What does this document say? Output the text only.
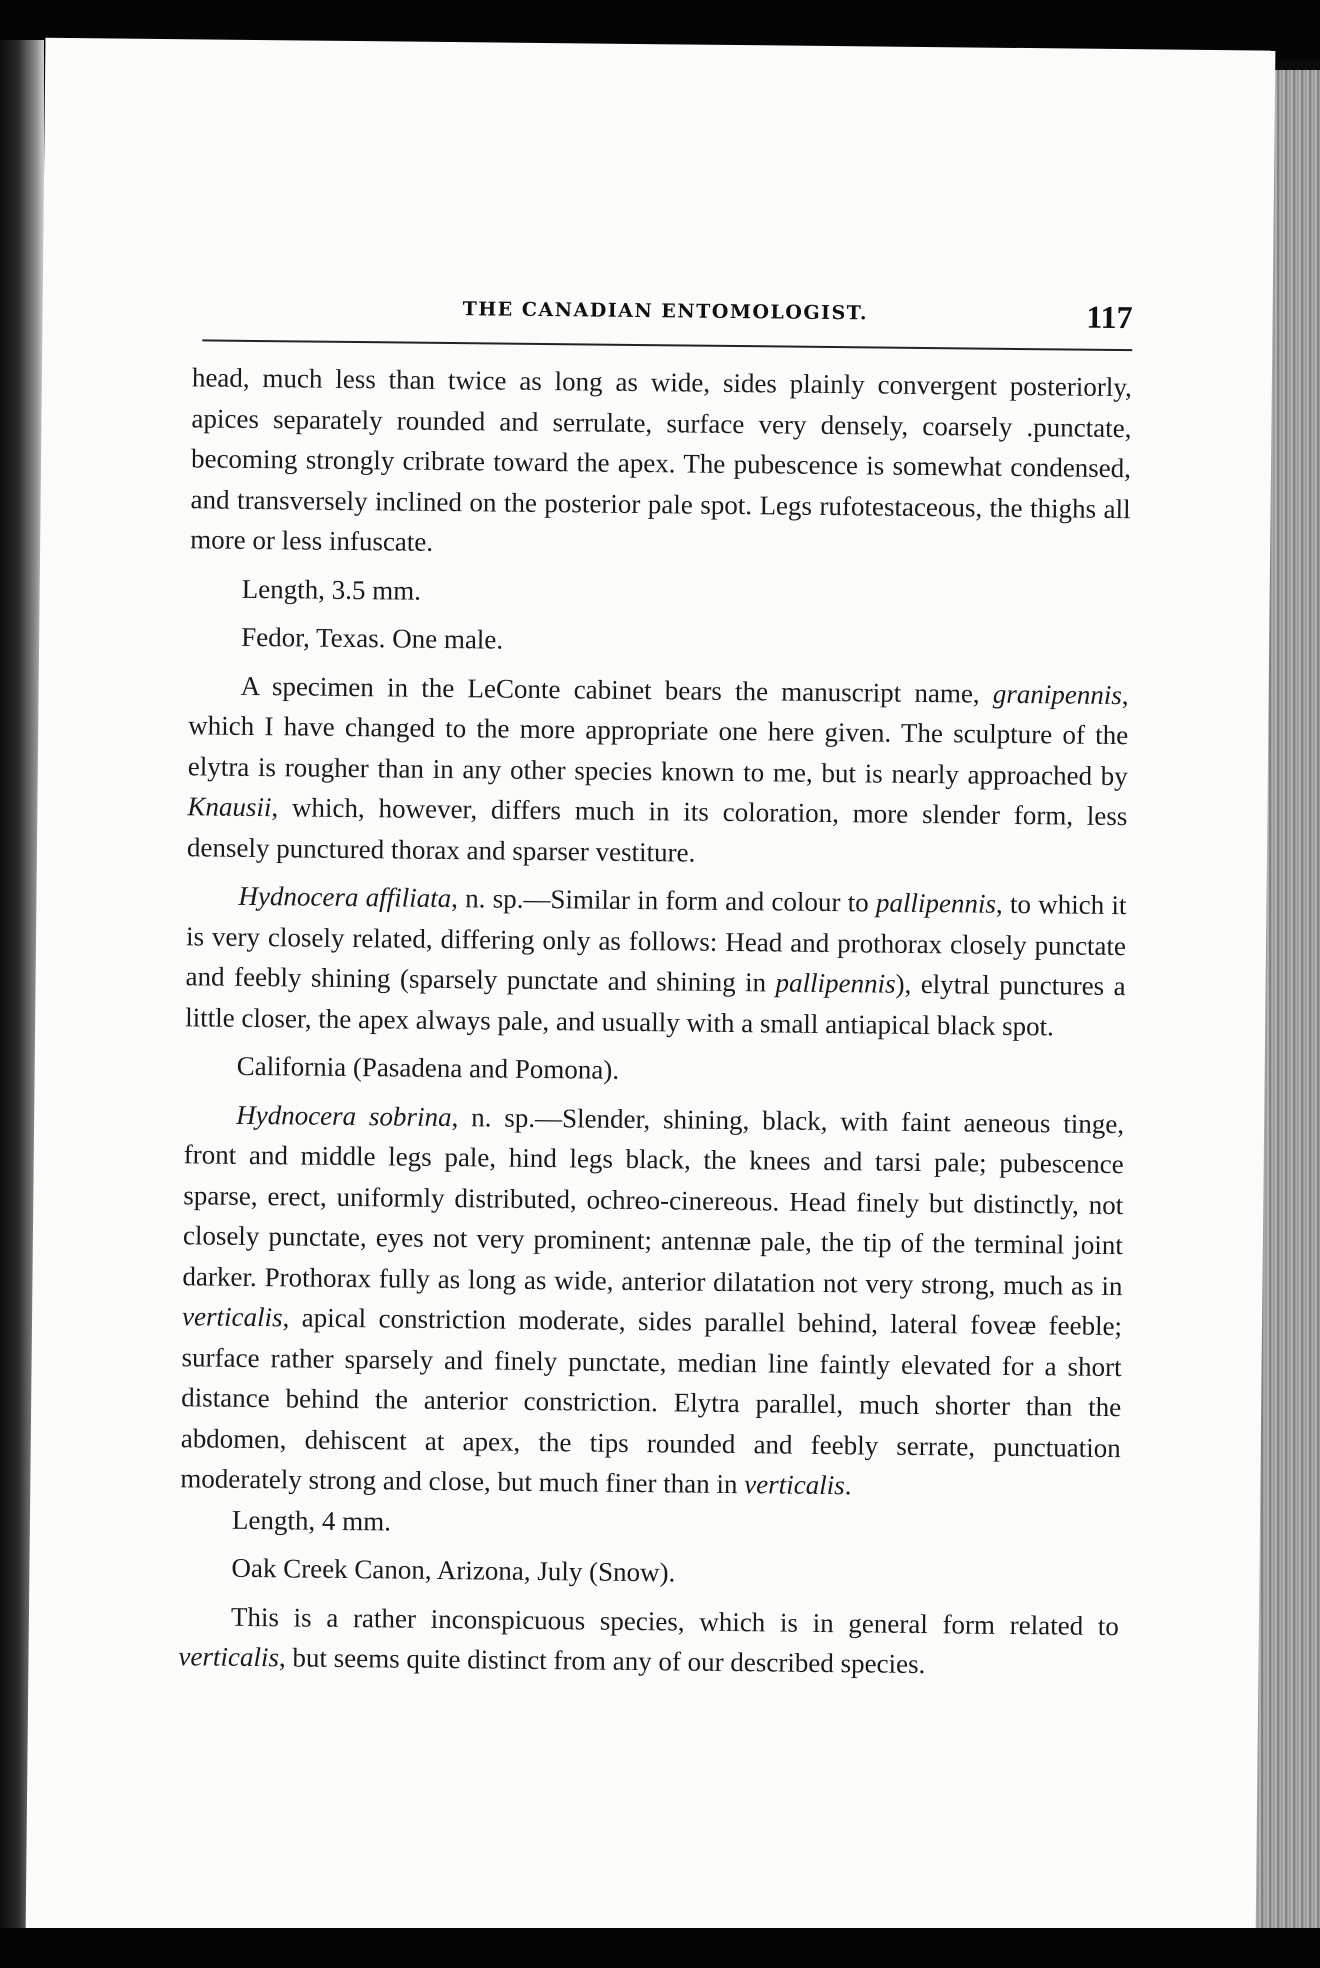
THE CANADIAN ENTOMOLOGIST.	117

head, much less than twice as long as wide, sides plainly convergent posteriorly, apices separately rounded and serrulate, surface very densely, coarsely .punctate, becoming strongly cribrate toward the apex. The pubescence is somewhat condensed, and transversely inclined on the posterior pale spot. Legs rufotestaceous, the thighs all more or less infuscate.

Length, 3.5 mm.

Fedor, Texas. One male.

A specimen in the LeConte cabinet bears the manuscript name, granipennis, which I have changed to the more appropriate one here given. The sculpture of the elytra is rougher than in any other species known to me, but is nearly approached by Knausii, which, however, differs much in its coloration, more slender form, less densely punctured thorax and sparser vestiture.

Hydnocera affiliata, n. sp.—Similar in form and colour to pallipennis, to which it is very closely related, differing only as follows: Head and prothorax closely punctate and feebly shining (sparsely punctate and shining in pallipennis), elytral punctures a little closer, the apex always pale, and usually with a small antiapical black spot.

California (Pasadena and Pomona).

Hydnocera sobrina, n. sp.—Slender, shining, black, with faint aeneous tinge, front and middle legs pale, hind legs black, the knees and tarsi pale; pubescence sparse, erect, uniformly distributed, ochreo-cinereous. Head finely but distinctly, not closely punctate, eyes not very prominent; antennæ pale, the tip of the terminal joint darker. Prothorax fully as long as wide, anterior dilatation not very strong, much as in verticalis, apical constriction moderate, sides parallel behind, lateral foveæ feeble; surface rather sparsely and finely punctate, median line faintly elevated for a short distance behind the anterior constriction. Elytra parallel, much shorter than the abdomen, dehiscent at apex, the tips rounded and feebly serrate, punctuation moderately strong and close, but much finer than in verticalis.

Length, 4 mm.

Oak Creek Canon, Arizona, July (Snow).

This is a rather inconspicuous species, which is in general form related to verticalis, but seems quite distinct from any of our described species.
